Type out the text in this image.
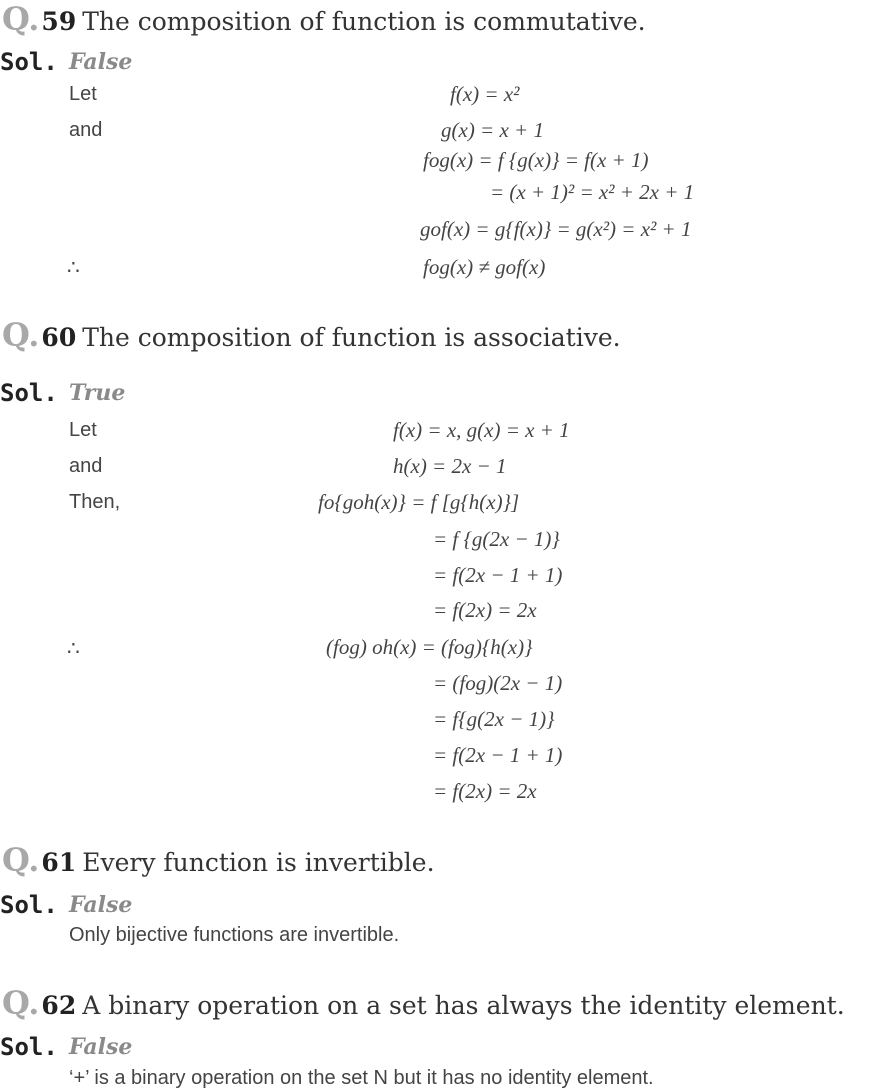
Q.59 The composition of function is commutative.
Sol. False
Let
and
∴
f(x) = x²
g(x) = x + 1
fog(x) = f {g(x)} = f(x + 1)
= (x + 1)² = x² + 2x + 1
gof(x) = g{f(x)} = g(x²) = x² + 1
fog(x) ≠ gof(x)
Q.60 The composition of function is associative.
Sol. True
Let
and
Then,
∴
f(x) = x, g(x) = x + 1
h(x) = 2x − 1
fo{goh(x)} = f [g{h(x)}]
= f {g(2x − 1)}
= f(2x − 1 + 1)
= f(2x) = 2x
(fog) oh(x) = (fog){h(x)}
= (fog)(2x − 1)
= f{g(2x − 1)}
= f(2x − 1 + 1)
= f(2x) = 2x
Q.61 Every function is invertible.
Sol. False
Only bijective functions are invertible.
Q.62 A binary operation on a set has always the identity element.
Sol. False
‘+’ is a binary operation on the set N but it has no identity element.
